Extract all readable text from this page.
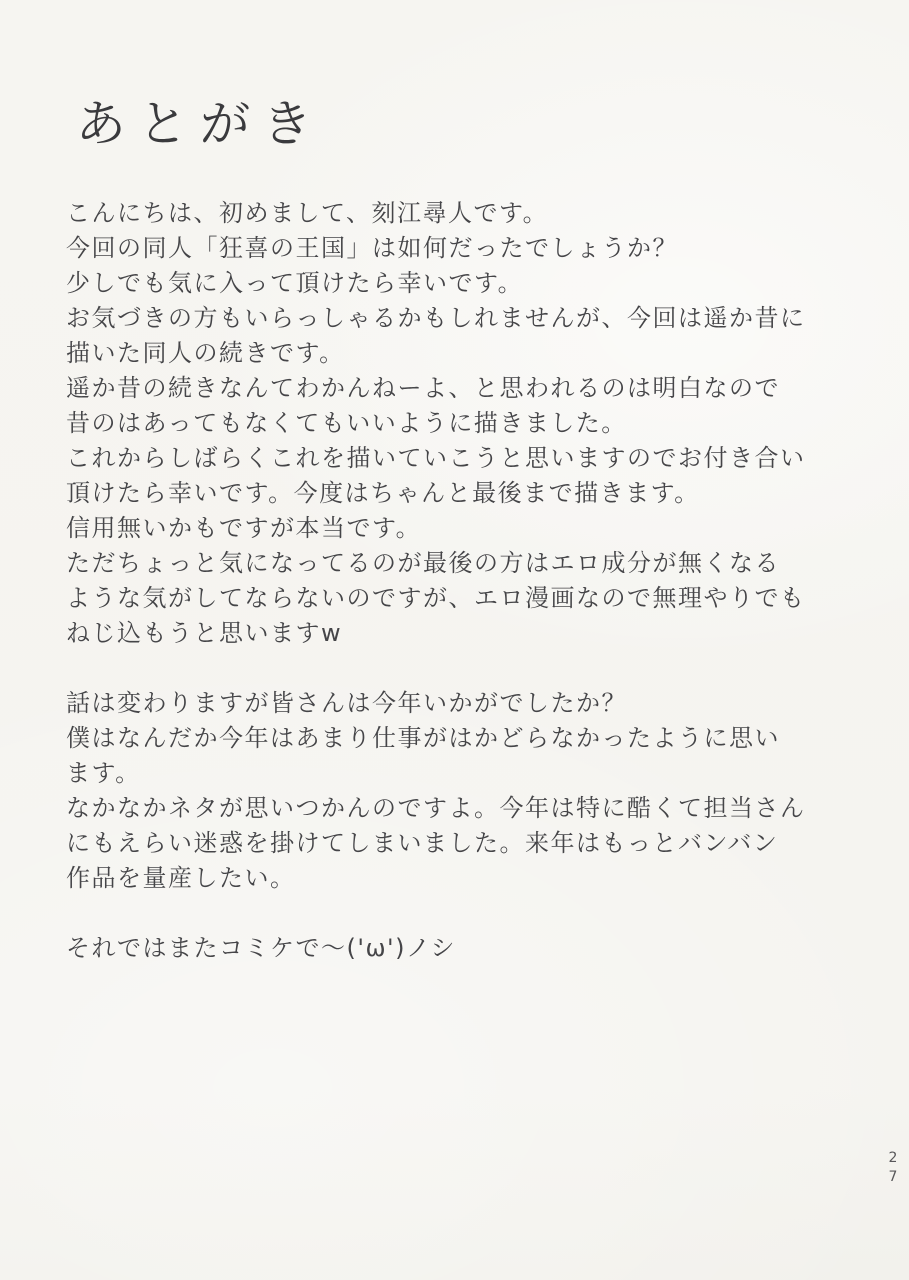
あとがき

こんにちは、初めまして、刻江尋人です。
今回の同人「狂喜の王国」は如何だったでしょうか？
少しでも気に入って頂けたら幸いです。
お気づきの方もいらっしゃるかもしれませんが、今回は遥か昔に
描いた同人の続きです。
遥か昔の続きなんてわかんねーよ、と思われるのは明白なので
昔のはあってもなくてもいいように描きました。
これからしばらくこれを描いていこうと思いますのでお付き合い
頂けたら幸いです。今度はちゃんと最後まで描きます。
信用無いかもですが本当です。
ただちょっと気になってるのが最後の方はエロ成分が無くなる
ような気がしてならないのですが、エロ漫画なので無理やりでも
ねじ込もうと思いますw

話は変わりますが皆さんは今年いかがでしたか？
僕はなんだか今年はあまり仕事がはかどらなかったように思い
ます。
なかなかネタが思いつかんのですよ。今年は特に酷くて担当さん
にもえらい迷惑を掛けてしまいました。来年はもっとバンバン
作品を量産したい。

それではまたコミケで～('ω')ノシ

27
